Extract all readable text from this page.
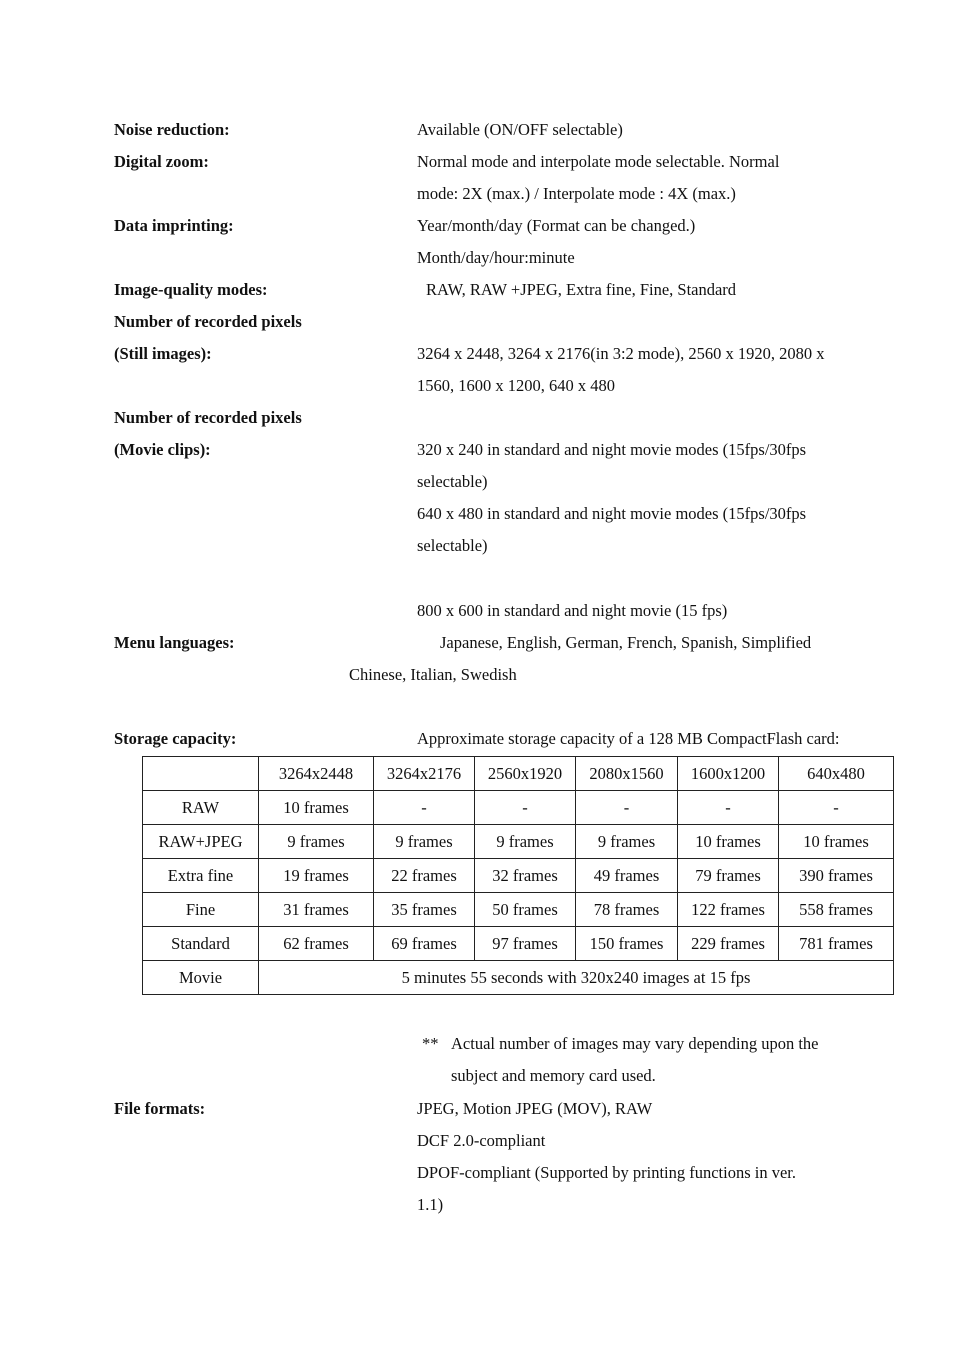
Noise reduction:	Available (ON/OFF selectable)
Digital zoom:	Normal mode and interpolate mode selectable. Normal
mode: 2X (max.) / Interpolate mode : 4X (max.)
Data imprinting:	Year/month/day (Format can be changed.)
Month/day/hour:minute
Image-quality modes:	RAW, RAW +JPEG, Extra fine, Fine, Standard
Number of recorded pixels
(Still images):	3264 x 2448, 3264 x 2176(in 3:2 mode), 2560 x 1920, 2080 x
1560, 1600 x 1200, 640 x 480
Number of recorded pixels
(Movie clips):	320 x 240 in standard and night movie modes (15fps/30fps
selectable)
640 x 480 in standard and night movie modes (15fps/30fps
selectable)
800 x 600 in standard and night movie (15 fps)
Menu languages:	Japanese, English, German, French, Spanish, Simplified
Chinese, Italian, Swedish
Storage capacity:	Approximate storage capacity of a 128 MB CompactFlash card:
	3264x2448	3264x2176	2560x1920	2080x1560	1600x1200	640x480
RAW	10 frames	-	-	-	-	-
RAW+JPEG	9 frames	9 frames	9 frames	9 frames	10 frames	10 frames
Extra fine	19 frames	22 frames	32 frames	49 frames	79 frames	390 frames
Fine	31 frames	35 frames	50 frames	78 frames	122 frames	558 frames
Standard	62 frames	69 frames	97 frames	150 frames	229 frames	781 frames
Movie	5 minutes 55 seconds with 320x240 images at 15 fps					
** Actual number of images may vary depending upon the
subject and memory card used.
File formats:	JPEG, Motion JPEG (MOV), RAW
DCF 2.0-compliant
DPOF-compliant (Supported by printing functions in ver.
1.1)
